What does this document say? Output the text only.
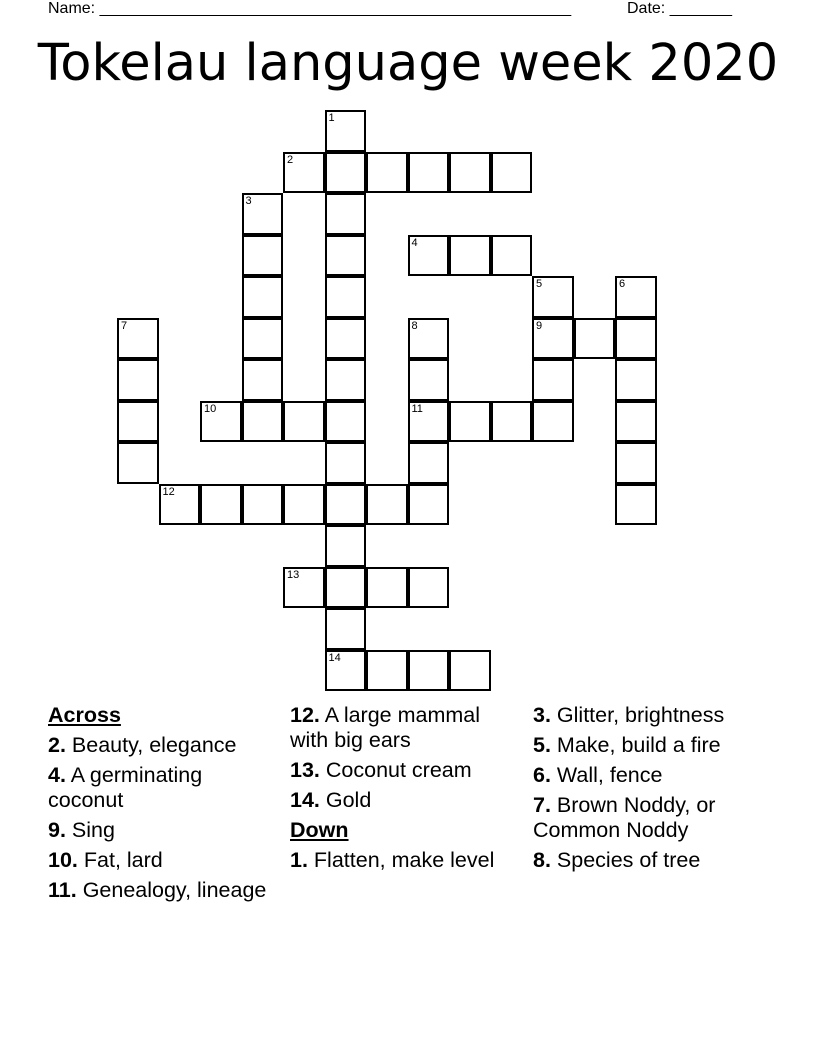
Name: _____________________________________________________	Date: _______
Tokelau language week 2020
1
2
3
4
5	6
7	8	9
10	11
12
13
14
Across
2. Beauty, elegance
4. A germinating coconut
9. Sing
10. Fat, lard
11. Genealogy, lineage
12. A large mammal with big ears
13. Coconut cream
14. Gold
Down
1. Flatten, make level
3. Glitter, brightness
5. Make, build a fire
6. Wall, fence
7. Brown Noddy, or Common Noddy
8. Species of tree
